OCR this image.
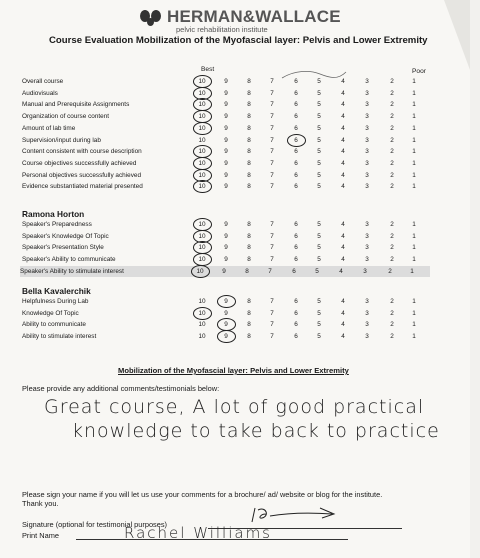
HERMAN&WALLACE
pelvic rehabilitation institute
Course Evaluation Mobilization of the Myofascial layer: Pelvis and Lower Extremity
Best	Poor
Overall course	10	9	8	7	6	5	4	3	2	1
Audiovisuals	10	9	8	7	6	5	4	3	2	1
Manual and Prerequisite Assignments	10	9	8	7	6	5	4	3	2	1
Organization of course content	10	9	8	7	6	5	4	3	2	1
Amount of lab time	10	9	8	7	6	5	4	3	2	1
Supervision/input during lab	10	9	8	7	6	5	4	3	2	1
Content consistent with course description	10	9	8	7	6	5	4	3	2	1
Course objectives successfully achieved	10	9	8	7	6	5	4	3	2	1
Personal objectives successfully achieved	10	9	8	7	6	5	4	3	2	1
Evidence substantiated material presented	10	9	8	7	6	5	4	3	2	1
Ramona Horton
Speaker's Preparedness	10	9	8	7	6	5	4	3	2	1
Speaker's Knowledge Of Topic	10	9	8	7	6	5	4	3	2	1
Speaker's Presentation Style	10	9	8	7	6	5	4	3	2	1
Speaker's Ability to communicate	10	9	8	7	6	5	4	3	2	1
Speaker's Ability to stimulate interest	10	9	8	7	6	5	4	3	2	1
Bella Kavalerchik
Helpfulness During Lab	10	9	8	7	6	5	4	3	2	1
Knowledge Of Topic	10	9	8	7	6	5	4	3	2	1
Ability to communicate	10	9	8	7	6	5	4	3	2	1
Ability to stimulate interest	10	9	8	7	6	5	4	3	2	1
Mobilization of the Myofascial layer: Pelvis and Lower Extremity
Please provide any additional comments/testimonials below:
Great course, A lot of good practical
knowledge to take back to practice
Please sign your name if you will let us use your comments for a brochure/ ad/ website or blog for the institute.
Thank you.
Signature (optional for testimonial purposes)
Print Name	Rachel Williams
